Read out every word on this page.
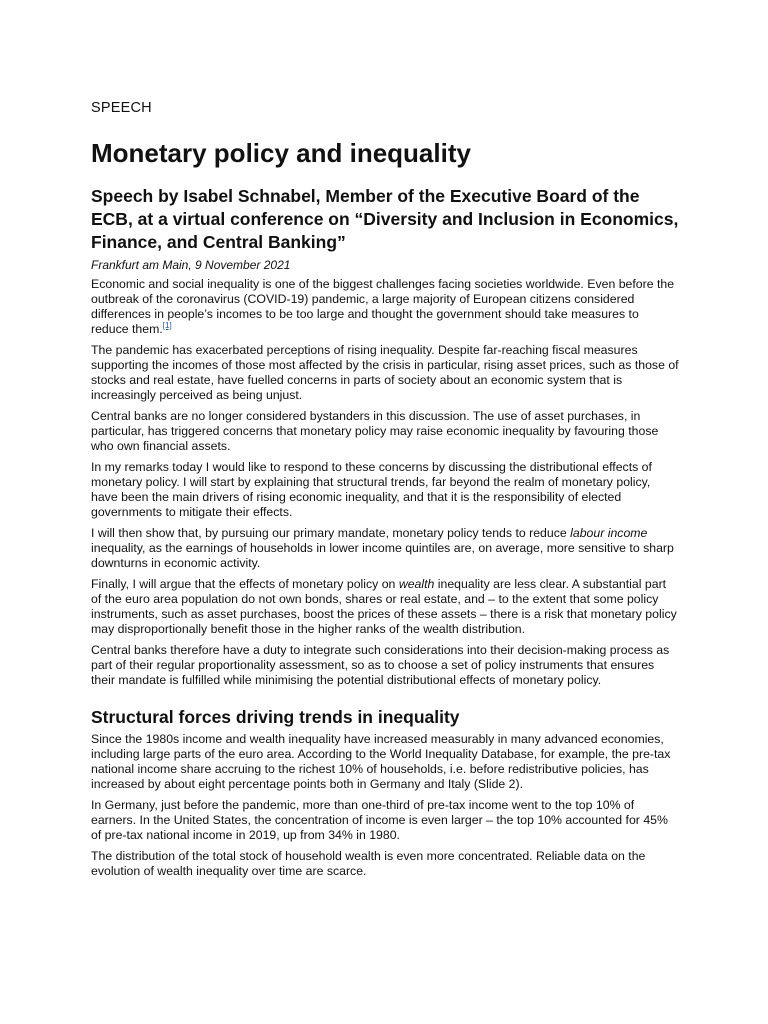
SPEECH
Monetary policy and inequality
Speech by Isabel Schnabel, Member of the Executive Board of the ECB, at a virtual conference on “Diversity and Inclusion in Economics, Finance, and Central Banking”
Frankfurt am Main, 9 November 2021

Economic and social inequality is one of the biggest challenges facing societies worldwide. Even before the outbreak of the coronavirus (COVID-19) pandemic, a large majority of European citizens considered differences in people’s incomes to be too large and thought the government should take measures to reduce them.[1]

The pandemic has exacerbated perceptions of rising inequality. Despite far-reaching fiscal measures supporting the incomes of those most affected by the crisis in particular, rising asset prices, such as those of stocks and real estate, have fuelled concerns in parts of society about an economic system that is increasingly perceived as being unjust.

Central banks are no longer considered bystanders in this discussion. The use of asset purchases, in particular, has triggered concerns that monetary policy may raise economic inequality by favouring those who own financial assets.

In my remarks today I would like to respond to these concerns by discussing the distributional effects of monetary policy. I will start by explaining that structural trends, far beyond the realm of monetary policy, have been the main drivers of rising economic inequality, and that it is the responsibility of elected governments to mitigate their effects.

I will then show that, by pursuing our primary mandate, monetary policy tends to reduce labour income inequality, as the earnings of households in lower income quintiles are, on average, more sensitive to sharp downturns in economic activity.

Finally, I will argue that the effects of monetary policy on wealth inequality are less clear. A substantial part of the euro area population do not own bonds, shares or real estate, and – to the extent that some policy instruments, such as asset purchases, boost the prices of these assets – there is a risk that monetary policy may disproportionally benefit those in the higher ranks of the wealth distribution.

Central banks therefore have a duty to integrate such considerations into their decision-making process as part of their regular proportionality assessment, so as to choose a set of policy instruments that ensures their mandate is fulfilled while minimising the potential distributional effects of monetary policy.

Structural forces driving trends in inequality

Since the 1980s income and wealth inequality have increased measurably in many advanced economies, including large parts of the euro area. According to the World Inequality Database, for example, the pre-tax national income share accruing to the richest 10% of households, i.e. before redistributive policies, has increased by about eight percentage points both in Germany and Italy (Slide 2).

In Germany, just before the pandemic, more than one-third of pre-tax income went to the top 10% of earners. In the United States, the concentration of income is even larger – the top 10% accounted for 45% of pre-tax national income in 2019, up from 34% in 1980.

The distribution of the total stock of household wealth is even more concentrated. Reliable data on the evolution of wealth inequality over time are scarce.
